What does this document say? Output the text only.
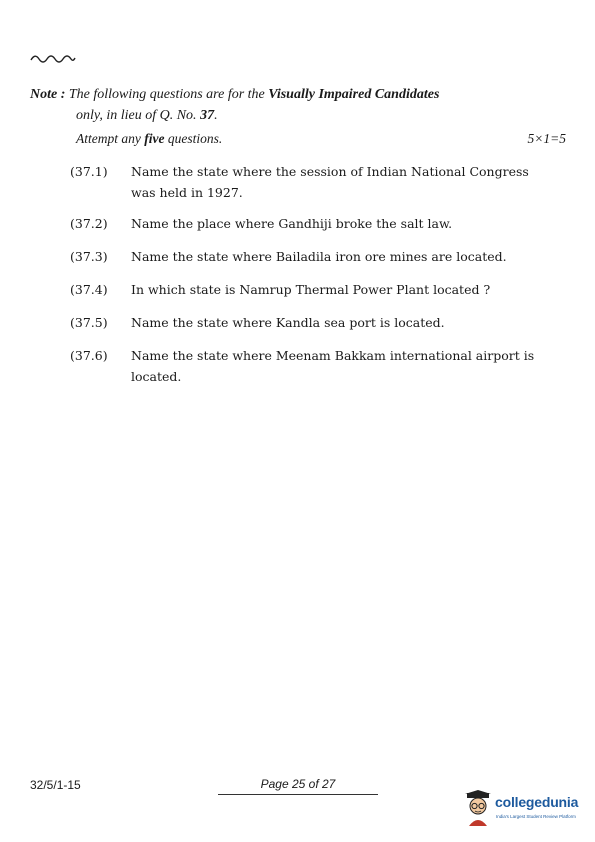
Note : The following questions are for the Visually Impaired Candidates
only, in lieu of Q. No. 37.
Attempt any five questions.	5×1=5
(37.1) Name the state where the session of Indian National Congress was held in 1927.
(37.2) Name the place where Gandhiji broke the salt law.
(37.3) Name the state where Bailadila iron ore mines are located.
(37.4) In which state is Namrup Thermal Power Plant located ?
(37.5) Name the state where Kandla sea port is located.
(37.6) Name the state where Meenam Bakkam international airport is located.
32/5/1-15	Page 25 of 27
collegedunia
India's Largest Student Review Platform
